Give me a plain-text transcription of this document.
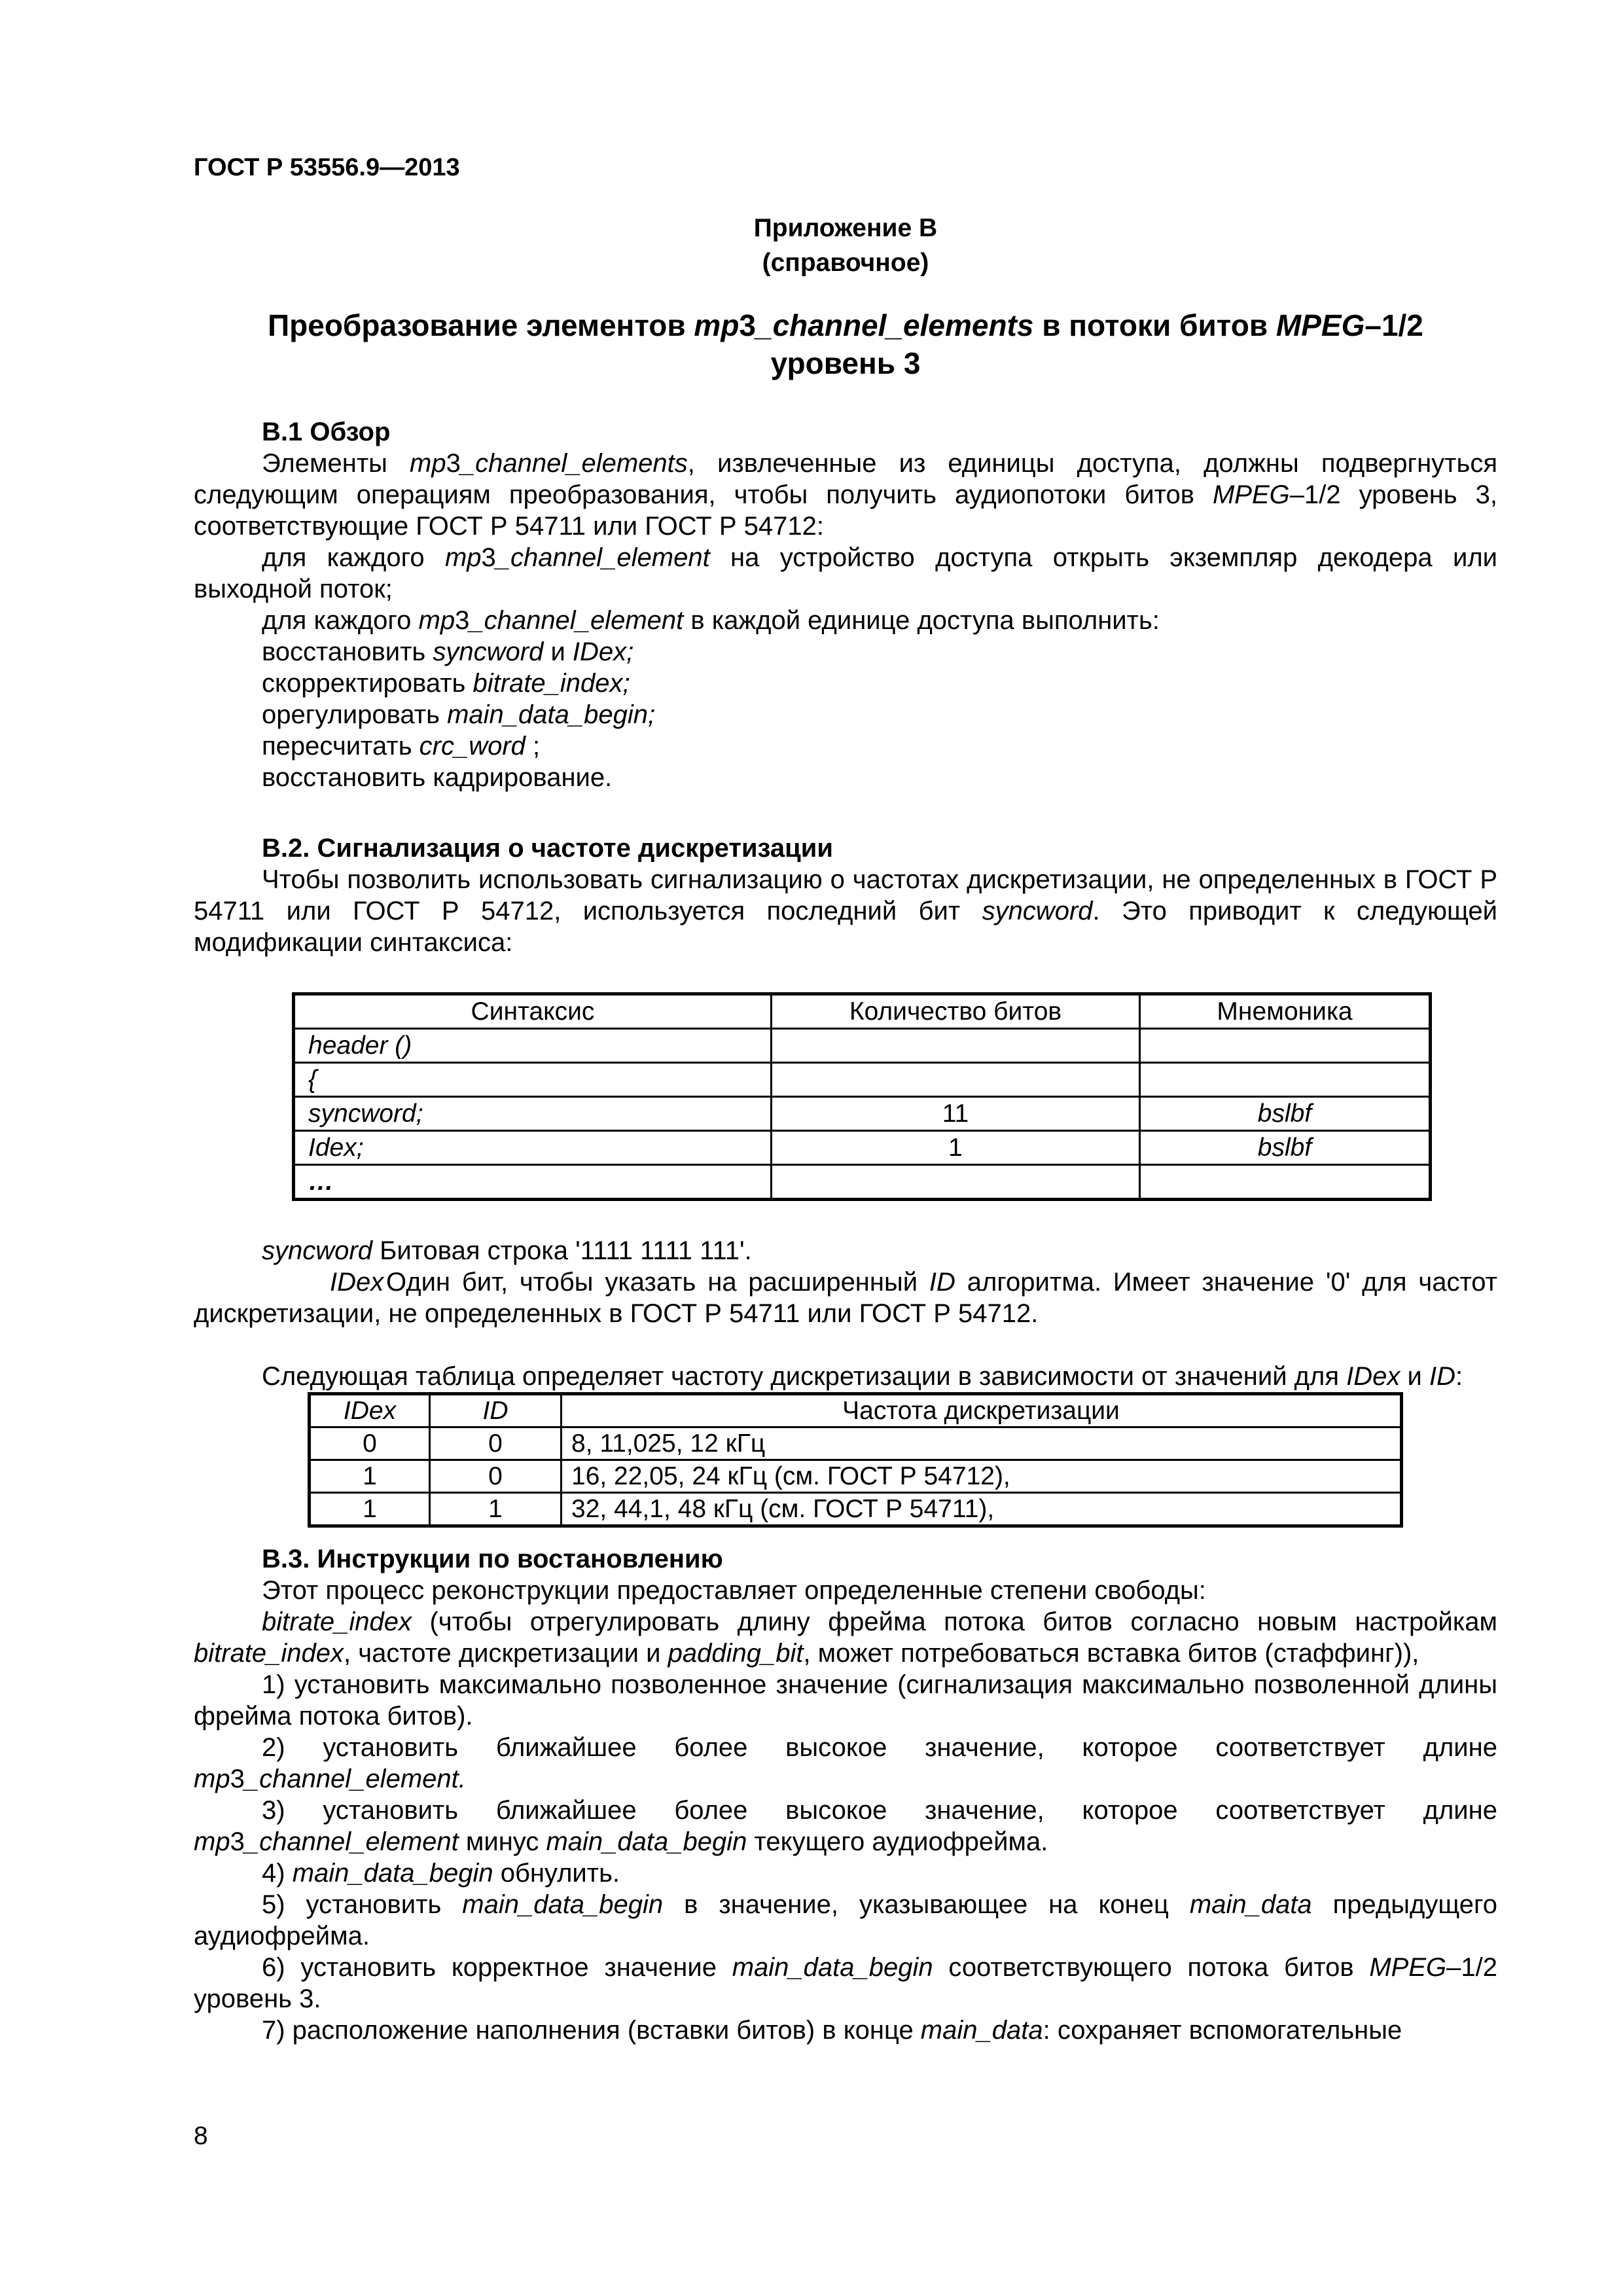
ГОСТ Р 53556.9—2013
Приложение В
(справочное)
Преобразование элементов mp3_channel_elements в потоки битов MPEG–1/2
уровень 3

В.1 Обзор

Элементы mp3_channel_elements, извлеченные из единицы доступа, должны подвергнуться следующим операциям преобразования, чтобы получить аудиопотоки битов MPEG–1/2 уровень 3, соответствующие ГОСТ Р 54711 или ГОСТ Р 54712:

для каждого mp3_channel_element на устройство доступа открыть экземпляр декодера или выходной поток;

для каждого mp3_channel_element в каждой единице доступа выполнить:

восстановить syncword и IDex;

скорректировать bitrate_index;

орегулировать main_data_begin;

пересчитать crc_word ;

восстановить кадрирование.

В.2. Сигнализация о частоте дискретизации

Чтобы позволить использовать сигнализацию о частотах дискретизации, не определенных в ГОСТ Р 54711 или ГОСТ Р 54712, используется последний бит syncword. Это приводит к следующей модификации синтаксиса:

Синтаксис	Количество битов	Мнемоника
header ()		
{		
syncword;	11	bslbf
Idex;	1	bslbf
…		

syncword Битовая строка '1111 1111 111'.

IDexОдин бит, чтобы указать на расширенный ID алгоритма. Имеет значение '0' для частот дискретизации, не определенных в ГОСТ Р 54711 или ГОСТ Р 54712.

Следующая таблица определяет частоту дискретизации в зависимости от значений для IDex и ID:

IDex	ID	Частота дискретизации
0	0	8, 11,025, 12 кГц
1	0	16, 22,05, 24 кГц (см. ГОСТ Р 54712),
1	1	32, 44,1, 48 кГц (см. ГОСТ Р 54711),

В.3. Инструкции по востановлению

Этот процесс реконструкции предоставляет определенные степени свободы:

bitrate_index (чтобы отрегулировать длину фрейма потока битов согласно новым настройкам bitrate_index, частоте дискретизации и padding_bit, может потребоваться вставка битов (стаффинг)),

1) установить максимально позволенное значение (сигнализация максимально позволенной длины фрейма потока битов).

2) установить ближайшее более высокое значение, которое соответствует длине mp3_channel_element.

3) установить ближайшее более высокое значение, которое соответствует длине mp3_channel_element минус main_data_begin текущего аудиофрейма.

4) main_data_begin обнулить.

5) установить main_data_begin в значение, указывающее на конец main_data предыдущего аудиофрейма.

6) установить корректное значение main_data_begin соответствующего потока битов MPEG–1/2 уровень 3.

7) расположение наполнения (вставки битов) в конце main_data: сохраняет вспомогательные

8
